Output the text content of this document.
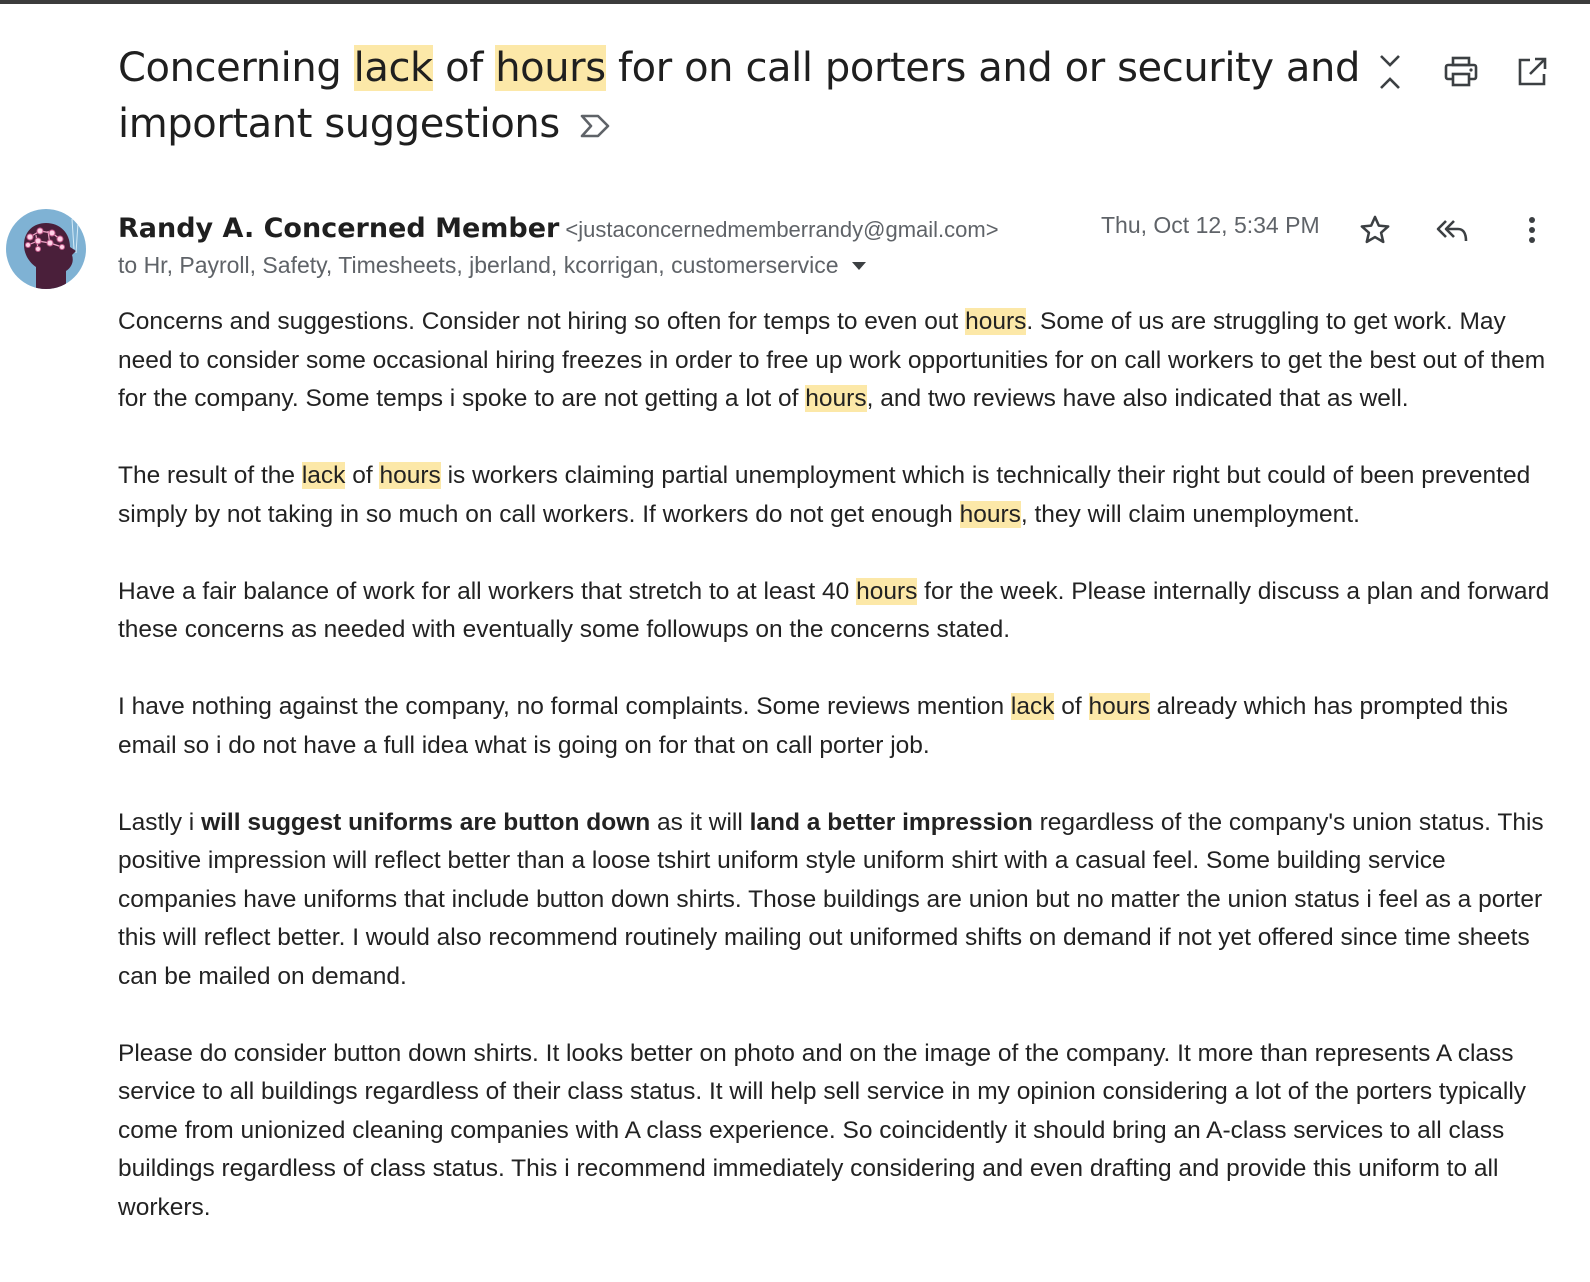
Concerning lack of hours for on call porters and or security and important suggestions
Randy A. Concerned Member <justaconcernedmemberrandy@gmail.com>	Thu, Oct 12, 5:34 PM
to Hr, Payroll, Safety, Timesheets, jberland, kcorrigan, customerservice

Concerns and suggestions. Consider not hiring so often for temps to even out hours. Some of us are struggling to get work. May need to consider some occasional hiring freezes in order to free up work opportunities for on call workers to get the best out of them for the company. Some temps i spoke to are not getting a lot of hours, and two reviews have also indicated that as well.

The result of the lack of hours is workers claiming partial unemployment which is technically their right but could of been prevented simply by not taking in so much on call workers. If workers do not get enough hours, they will claim unemployment.

Have a fair balance of work for all workers that stretch to at least 40 hours for the week. Please internally discuss a plan and forward these concerns as needed with eventually some followups on the concerns stated.

I have nothing against the company, no formal complaints. Some reviews mention lack of hours already which has prompted this email so i do not have a full idea what is going on for that on call porter job.

Lastly i will suggest uniforms are button down as it will land a better impression regardless of the company's union status. This positive impression will reflect better than a loose tshirt uniform style uniform shirt with a casual feel. Some building service companies have uniforms that include button down shirts. Those buildings are union but no matter the union status i feel as a porter this will reflect better. I would also recommend routinely mailing out uniformed shifts on demand if not yet offered since time sheets can be mailed on demand.

Please do consider button down shirts. It looks better on photo and on the image of the company. It more than represents A class service to all buildings regardless of their class status. It will help sell service in my opinion considering a lot of the porters typically come from unionized cleaning companies with A class experience. So coincidently it should bring an A-class services to all class buildings regardless of class status. This i recommend immediately considering and even drafting and provide this uniform to all workers.
